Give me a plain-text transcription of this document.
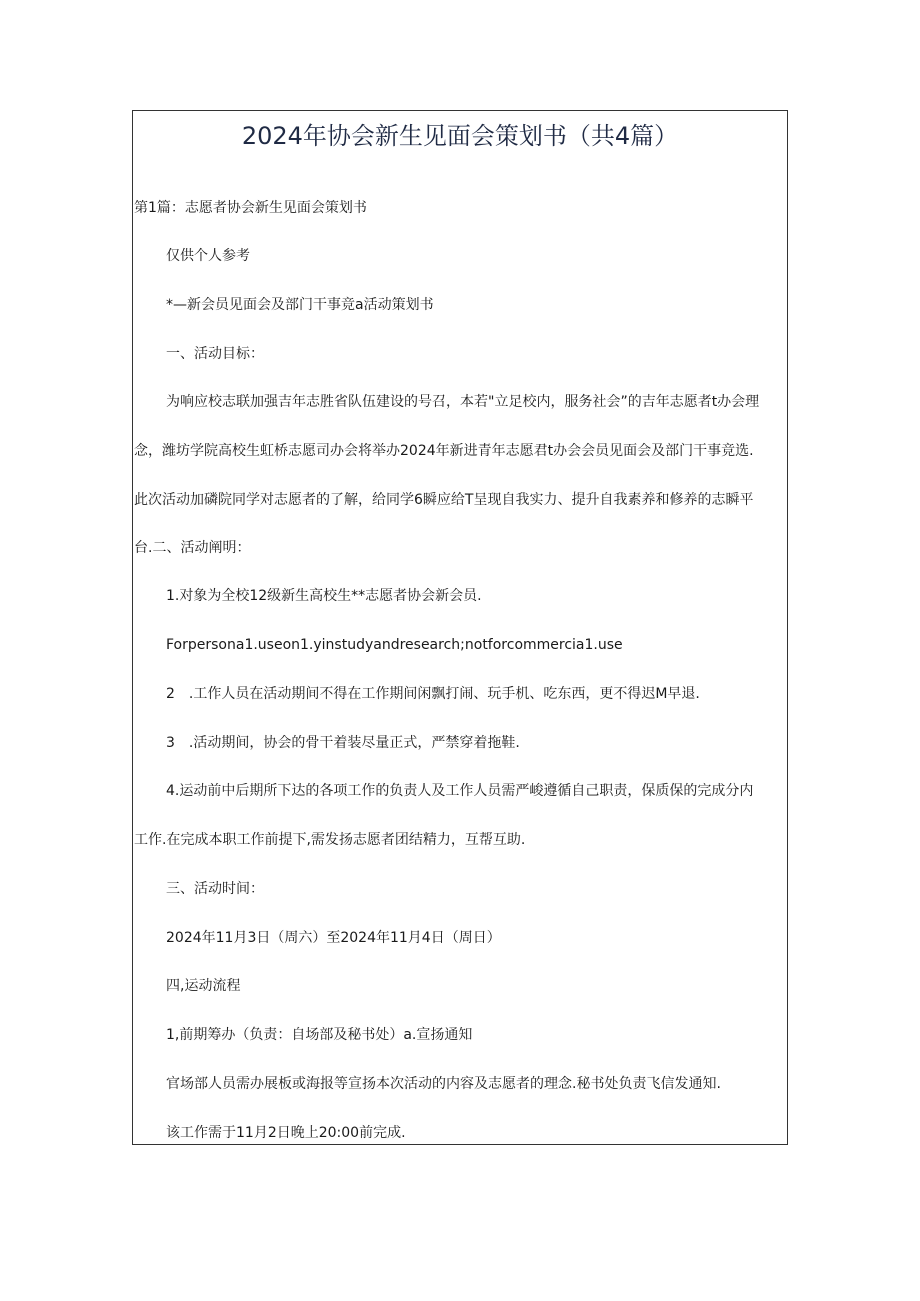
2024年协会新生见面会策划书（共4篇）
第1篇：志愿者协会新生见面会策划书
仅供个人参考
*—新会员见面会及部门干事竞a活动策划书
一、活动目标：
为响应校志联加强吉年志胜省队伍建设的号召，本若"立足校内，服务社会”的吉年志愿者t办会理
念，潍坊学院高校生虹桥志愿司办会将举办2024年新进青年志愿君t办会会员见面会及部门干事竞选.
此次活动加磷院同学对志愿者的了解，给同学6瞬应给T呈现自我实力、提升自我素养和修养的志瞬平
台.二、活动阐明：
1.对象为全校12级新生高校生**志愿者协会新会员.
Forpersona1.useon1.yinstudyandresearch;notforcommercia1.use
2　.工作人员在活动期间不得在工作期间闲飘打闹、玩手机、吃东西，更不得迟M早退.
3　.活动期间，协会的骨干着装尽量正式，严禁穿着拖鞋.
4.运动前中后期所下达的各项工作的负责人及工作人员需严峻遵循自己职责，保质保的完成分内
工作.在完成本职工作前提下,需发扬志愿者团结精力，互帮互助.
三、活动时间：
2024年11月3日（周六）至2024年11月4日（周日）
四,运动流程
1,前期筹办（负责：自场部及秘书处）a.宣扬通知
官场部人员需办展板或海报等宣扬本次活动的内容及志愿者的理念.秘书处负责飞信发通知.
该工作需于11月2日晚上20:00前完成.
